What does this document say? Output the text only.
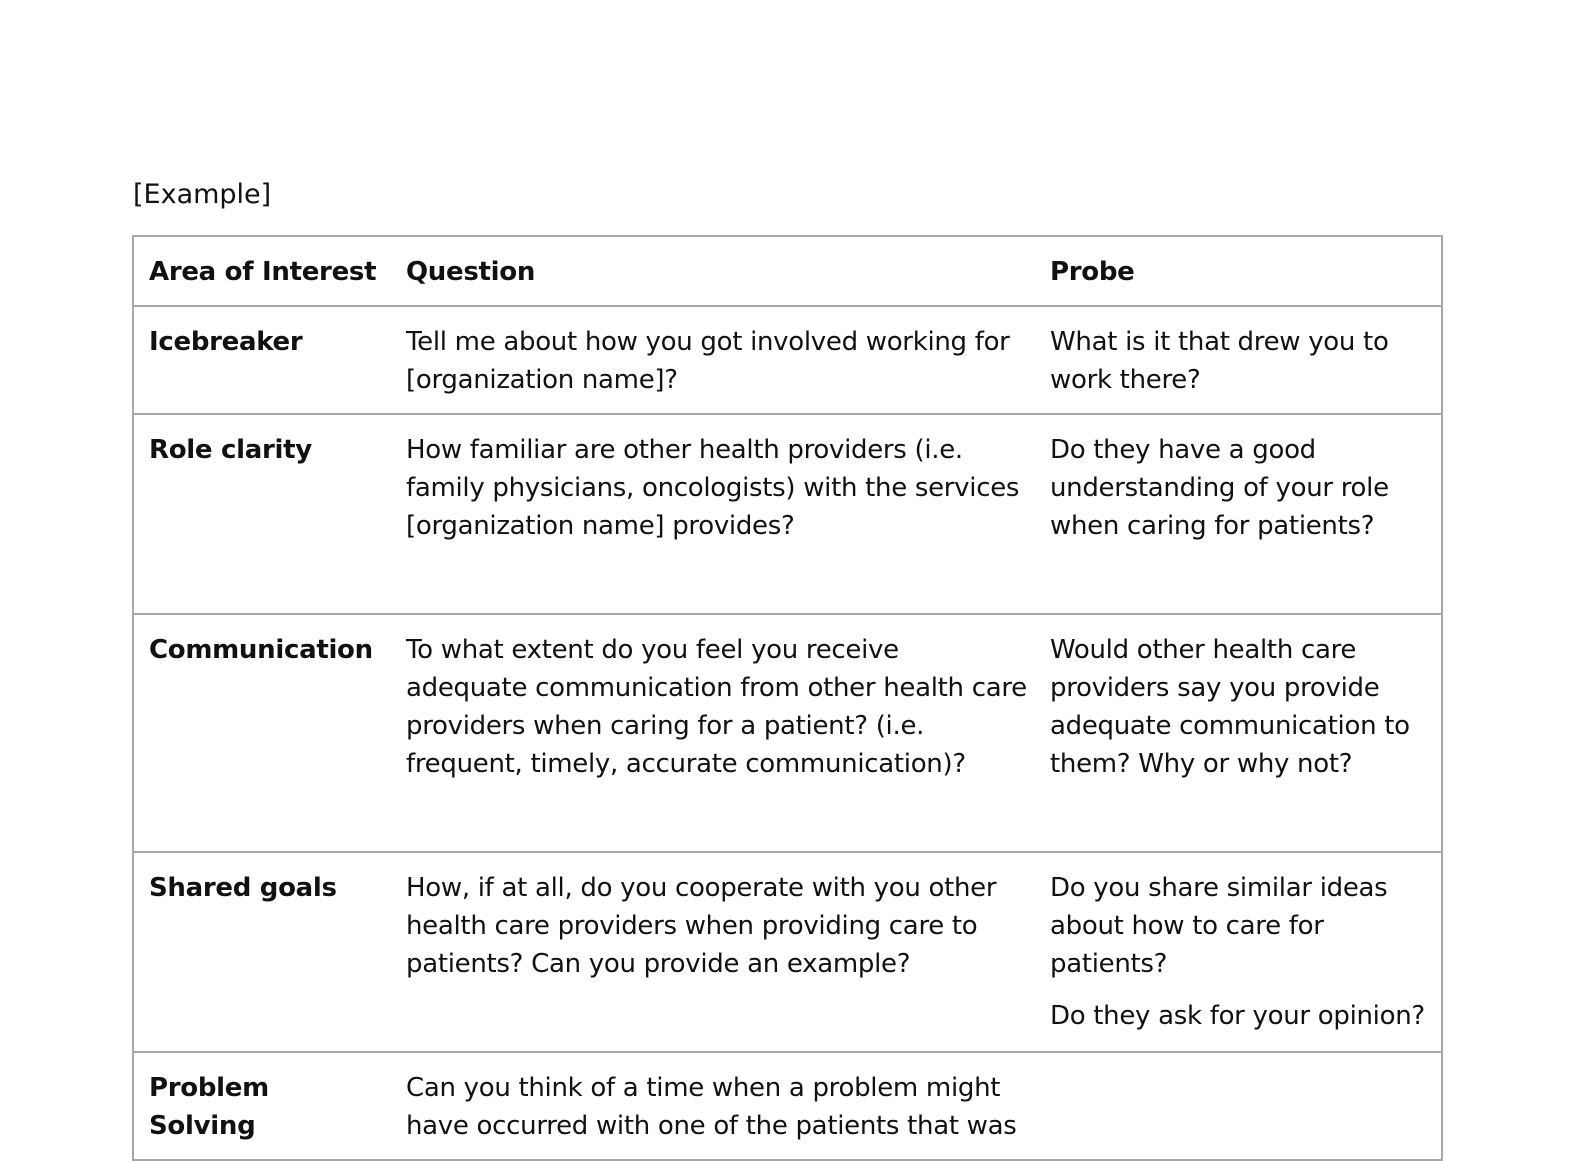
[Example]

Area of Interest	Question	Probe

Icebreaker	Tell me about how you got involved working for [organization name]?	What is it that drew you to work there?

Role clarity	How familiar are other health providers (i.e. family physicians, oncologists) with the services [organization name] provides?	Do they have a good understanding of your role when caring for patients?

Communication	To what extent do you feel you receive adequate communication from other health care providers when caring for a patient? (i.e. frequent, timely, accurate communication)?	Would other health care providers say you provide adequate communication to them? Why or why not?

Shared goals	How, if at all, do you cooperate with you other health care providers when providing care to patients? Can you provide an example?	Do you share similar ideas about how to care for patients?
Do they ask for your opinion?

Problem Solving	Can you think of a time when a problem might have occurred with one of the patients that was	
